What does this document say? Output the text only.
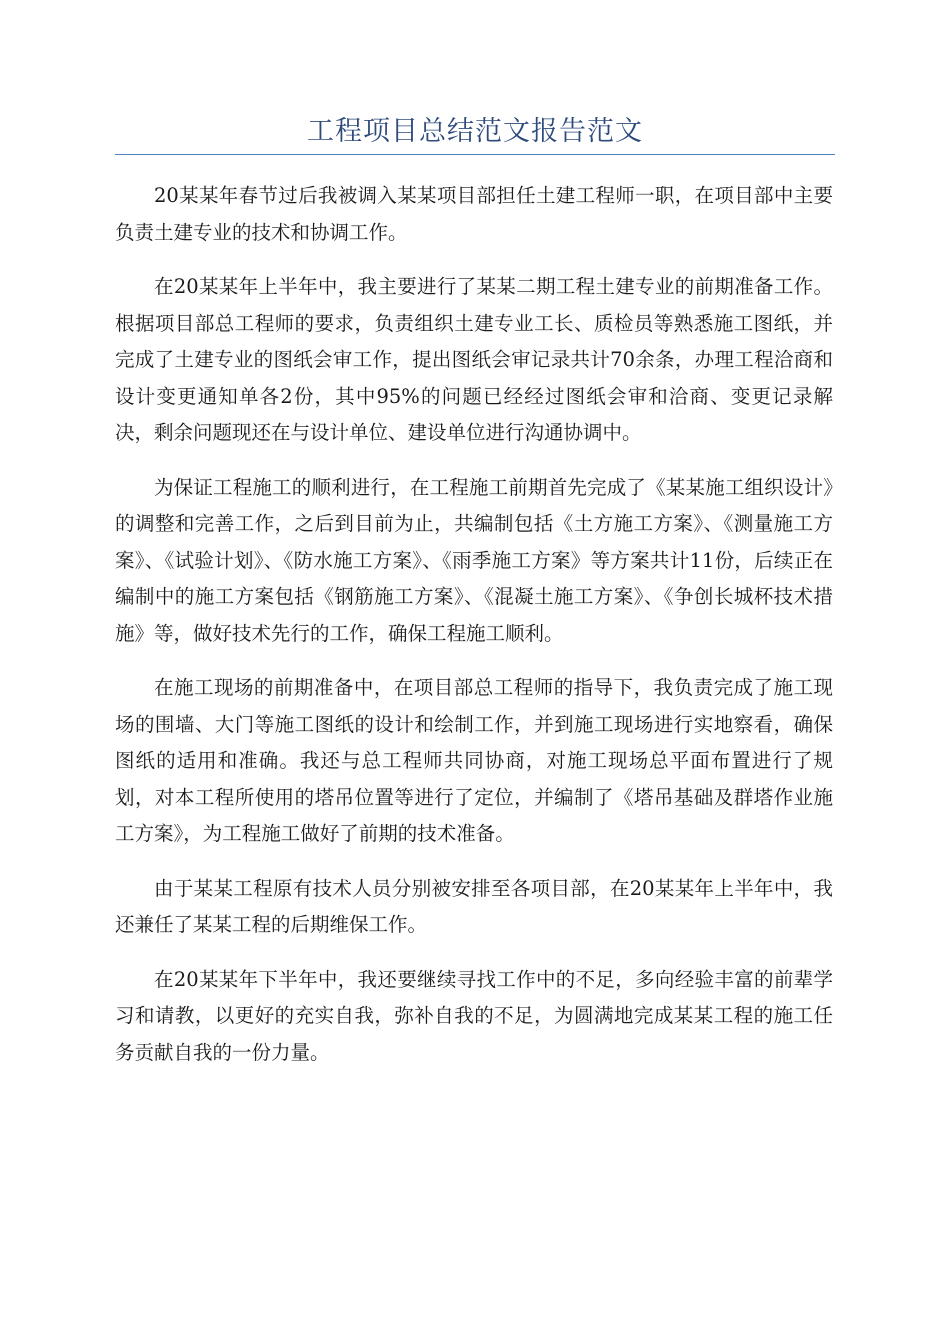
工程项目总结范文报告范文

20某某年春节过后我被调入某某项目部担任土建工程师一职，在项目部中主要负责土建专业的技术和协调工作。

在20某某年上半年中，我主要进行了某某二期工程土建专业的前期准备工作。根据项目部总工程师的要求，负责组织土建专业工长、质检员等熟悉施工图纸，并完成了土建专业的图纸会审工作，提出图纸会审记录共计70余条，办理工程洽商和设计变更通知单各2份，其中95%的问题已经经过图纸会审和洽商、变更记录解决，剩余问题现还在与设计单位、建设单位进行沟通协调中。

为保证工程施工的顺利进行，在工程施工前期首先完成了《某某施工组织设计》的调整和完善工作，之后到目前为止，共编制包括《土方施工方案》、《测量施工方案》、《试验计划》、《防水施工方案》、《雨季施工方案》等方案共计11份，后续正在编制中的施工方案包括《钢筋施工方案》、《混凝土施工方案》、《争创长城杯技术措施》等，做好技术先行的工作，确保工程施工顺利。

在施工现场的前期准备中，在项目部总工程师的指导下，我负责完成了施工现场的围墙、大门等施工图纸的设计和绘制工作，并到施工现场进行实地察看，确保图纸的适用和准确。我还与总工程师共同协商，对施工现场总平面布置进行了规划，对本工程所使用的塔吊位置等进行了定位，并编制了《塔吊基础及群塔作业施工方案》，为工程施工做好了前期的技术准备。

由于某某工程原有技术人员分别被安排至各项目部，在20某某年上半年中，我还兼任了某某工程的后期维保工作。

在20某某年下半年中，我还要继续寻找工作中的不足，多向经验丰富的前辈学习和请教，以更好的充实自我，弥补自我的不足，为圆满地完成某某工程的施工任务贡献自我的一份力量。
